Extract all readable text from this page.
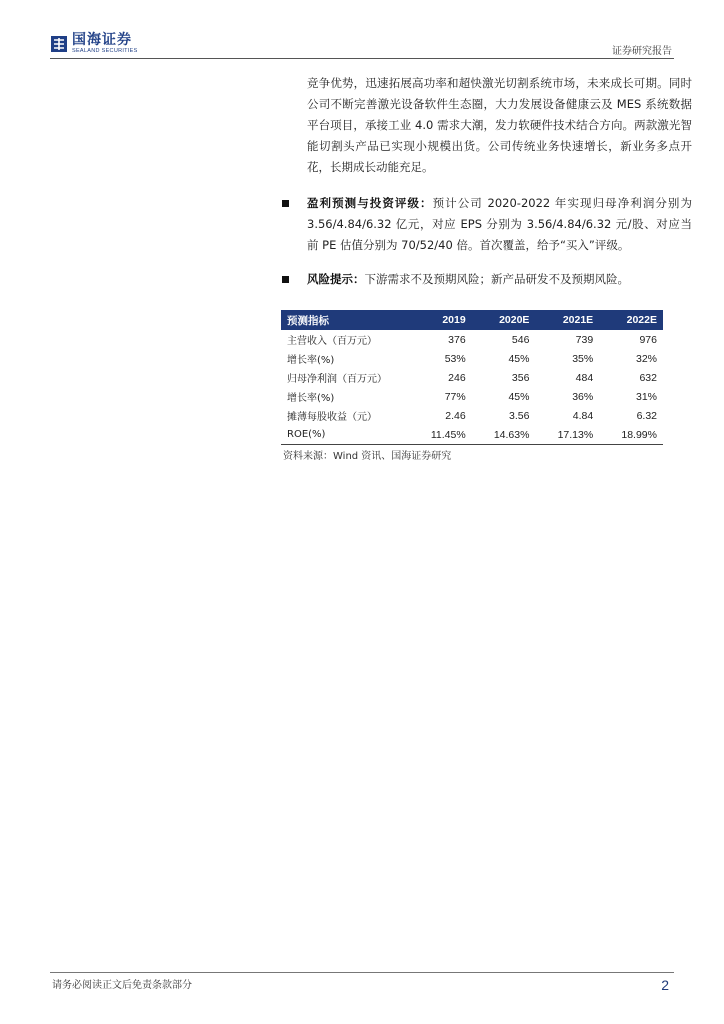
国海证券
SEALAND SECURITIES	证券研究报告
竞争优势，迅速拓展高功率和超快激光切割系统市场，未来成长可期。同时公司不断完善激光设备软件生态圈，大力发展设备健康云及 MES 系统数据平台项目，承接工业 4.0 需求大潮，发力软硬件技术结合方向。两款激光智能切割头产品已实现小规模出货。公司传统业务快速增长，新业务多点开花，长期成长动能充足。
盈利预测与投资评级：预计公司 2020-2022 年实现归母净利润分别为 3.56/4.84/6.32 亿元，对应 EPS 分别为 3.56/4.84/6.32 元/股、对应当前 PE 估值分别为 70/52/40 倍。首次覆盖，给予“买入”评级。
风险提示：下游需求不及预期风险；新产品研发不及预期风险。
预测指标	2019	2020E	2021E	2022E
主营收入（百万元）	376	546	739	976
增长率(%)	53%	45%	35%	32%
归母净利润（百万元）	246	356	484	632
增长率(%)	77%	45%	36%	31%
摊薄每股收益（元）	2.46	3.56	4.84	6.32
ROE(%)	11.45%	14.63%	17.13%	18.99%
资料来源：Wind 资讯、国海证券研究
请务必阅读正文后免责条款部分	2
